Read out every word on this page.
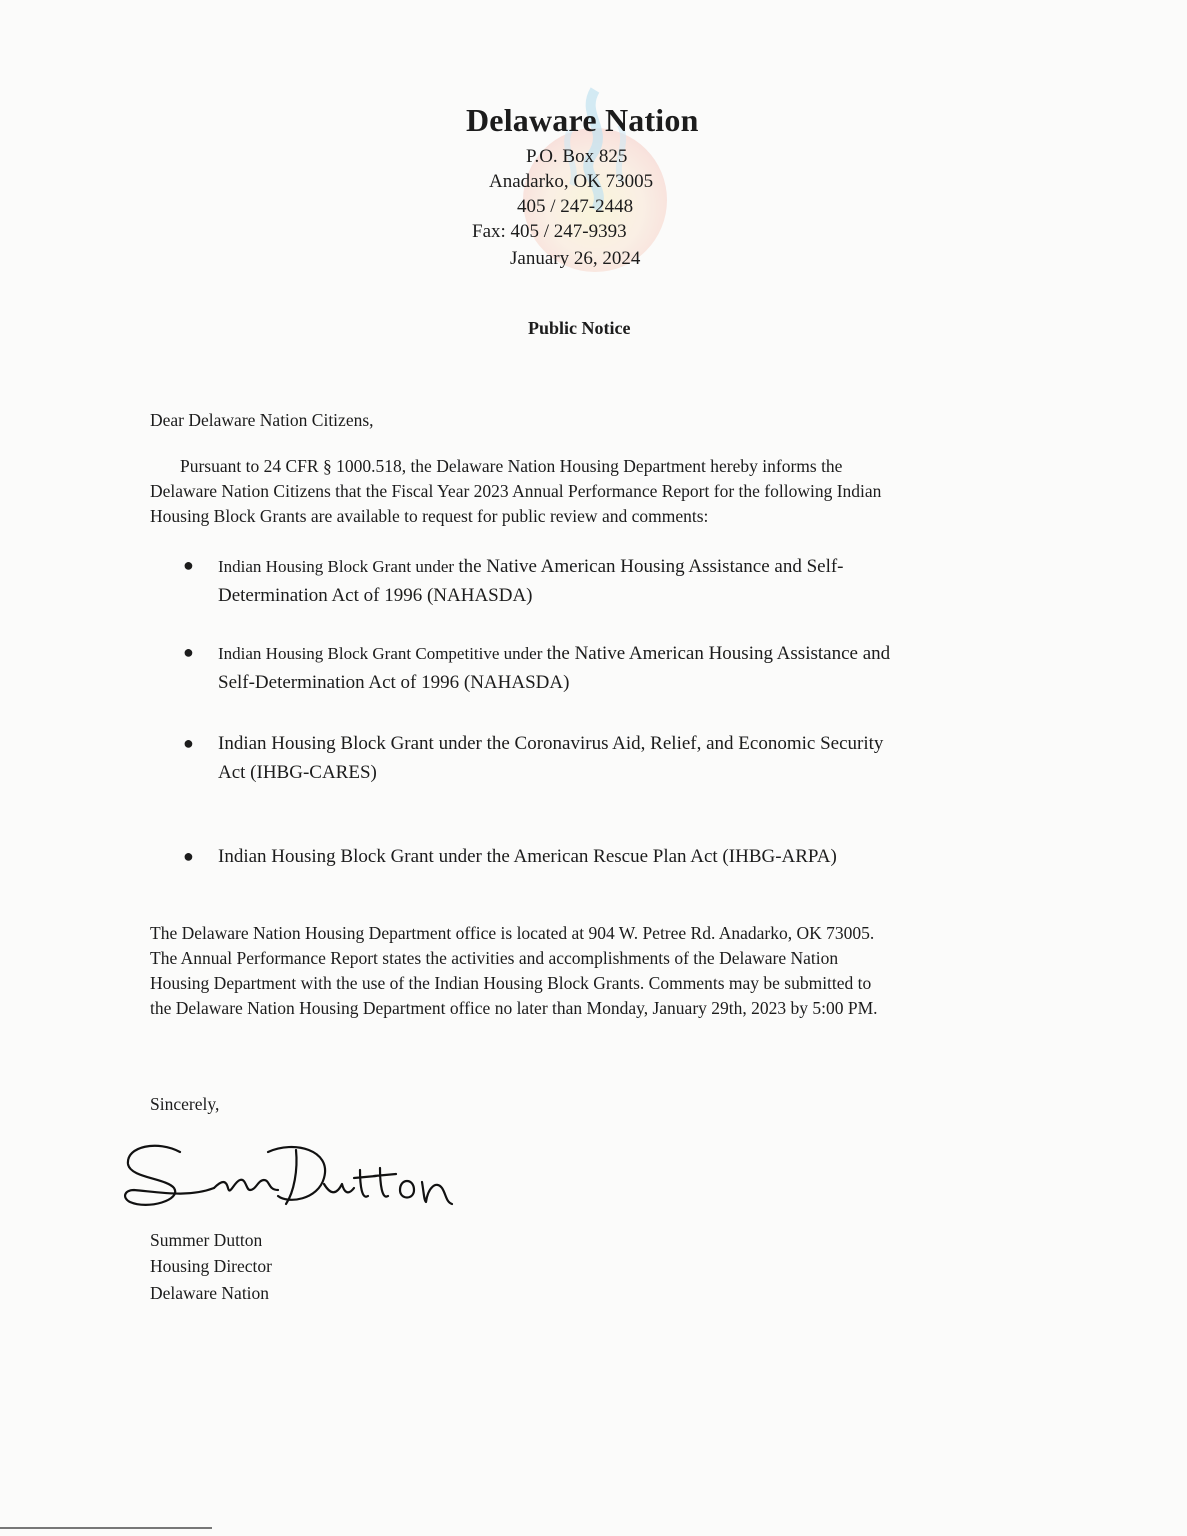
Delaware Nation
P.O. Box 825
Anadarko, OK 73005
405 / 247-2448
Fax: 405 / 247-9393
January 26, 2024
Public Notice
Dear Delaware Nation Citizens,
Pursuant to 24 CFR § 1000.518, the Delaware Nation Housing Department hereby informs the
Delaware Nation Citizens that the Fiscal Year 2023 Annual Performance Report for the following Indian
Housing Block Grants are available to request for public review and comments:
● Indian Housing Block Grant under the Native American Housing Assistance and Self-
Determination Act of 1996 (NAHASDA)
● Indian Housing Block Grant Competitive under the Native American Housing Assistance and
Self-Determination Act of 1996 (NAHASDA)
● Indian Housing Block Grant under the Coronavirus Aid, Relief, and Economic Security
Act (IHBG-CARES)
● Indian Housing Block Grant under the American Rescue Plan Act (IHBG-ARPA)
The Delaware Nation Housing Department office is located at 904 W. Petree Rd. Anadarko, OK 73005.
The Annual Performance Report states the activities and accomplishments of the Delaware Nation
Housing Department with the use of the Indian Housing Block Grants. Comments may be submitted to
the Delaware Nation Housing Department office no later than Monday, January 29th, 2023 by 5:00 PM.
Sincerely,
Summer Dutton
Housing Director
Delaware Nation
